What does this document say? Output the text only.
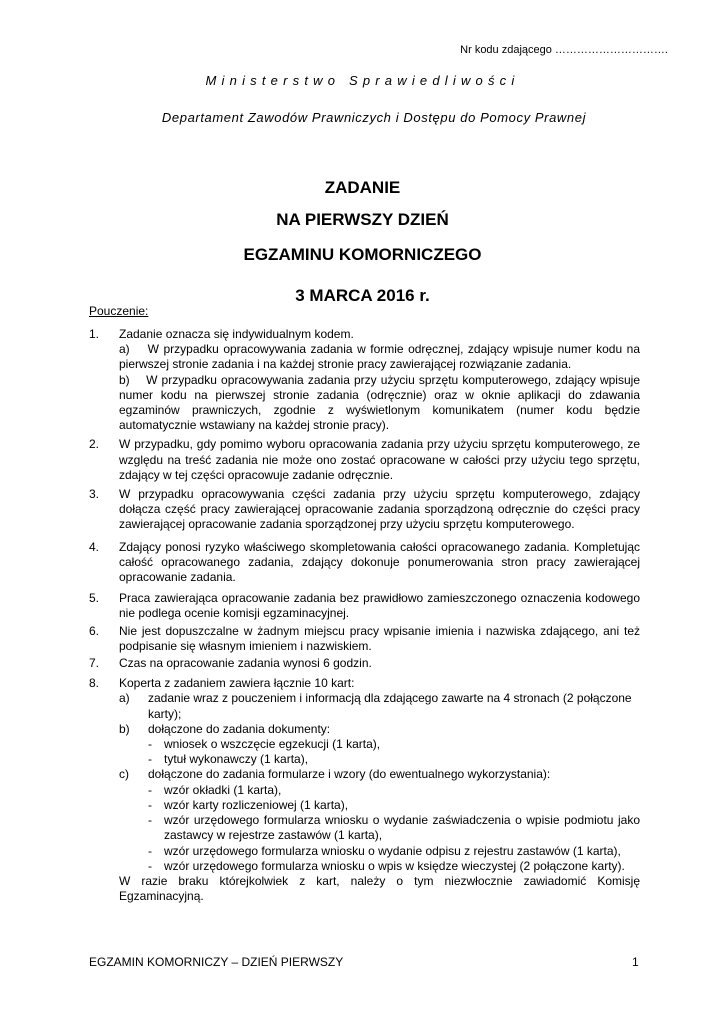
Nr kodu zdającego ………………………….
Ministerstwo Sprawiedliwości
Departament Zawodów Prawniczych i Dostępu do Pomocy Prawnej
ZADANIE
NA PIERWSZY DZIEŃ
EGZAMINU KOMORNICZEGO
3 MARCA 2016 r.
Pouczenie:
1. Zadanie oznacza się indywidualnym kodem.
a)    W przypadku opracowywania zadania w formie odręcznej, zdający wpisuje numer kodu na pierwszej stronie zadania i na każdej stronie pracy zawierającej rozwiązanie zadania.
b)    W przypadku opracowywania zadania przy użyciu sprzętu komputerowego, zdający wpisuje numer kodu na pierwszej stronie zadania (odręcznie) oraz w oknie aplikacji do zdawania egzaminów prawniczych, zgodnie z wyświetlonym komunikatem (numer kodu będzie automatycznie wstawiany na każdej stronie pracy).
2. W przypadku, gdy pomimo wyboru opracowania zadania przy użyciu sprzętu komputerowego, ze względu na treść zadania nie może ono zostać opracowane w całości przy użyciu tego sprzętu, zdający w tej części opracowuje zadanie odręcznie.
3. W przypadku opracowywania części zadania przy użyciu sprzętu komputerowego, zdający dołącza część pracy zawierającej opracowanie zadania sporządzoną odręcznie do części pracy zawierającej opracowanie zadania sporządzonej przy użyciu sprzętu komputerowego.
4. Zdający ponosi ryzyko właściwego skompletowania całości opracowanego zadania. Kompletując całość opracowanego zadania, zdający dokonuje ponumerowania stron pracy zawierającej opracowanie zadania.
5. Praca zawierająca opracowanie zadania bez prawidłowo zamieszczonego oznaczenia kodowego nie podlega ocenie komisji egzaminacyjnej.
6. Nie jest dopuszczalne w żadnym miejscu pracy wpisanie imienia i nazwiska zdającego, ani też podpisanie się własnym imieniem i nazwiskiem.
7. Czas na opracowanie zadania wynosi 6 godzin.
8. Koperta z zadaniem zawiera łącznie 10 kart:
a) zadanie wraz z pouczeniem i informacją dla zdającego zawarte na 4 stronach (2 połączone karty);
b) dołączone do zadania dokumenty:
- wniosek o wszczęcie egzekucji (1 karta),
- tytuł wykonawczy (1 karta),
c) dołączone do zadania formularze i wzory (do ewentualnego wykorzystania):
- wzór okładki (1 karta),
- wzór karty rozliczeniowej (1 karta),
- wzór urzędowego formularza wniosku o wydanie zaświadczenia o wpisie podmiotu jako zastawcy w rejestrze zastawów (1 karta),
- wzór urzędowego formularza wniosku o wydanie odpisu z rejestru zastawów (1 karta),
- wzór urzędowego formularza wniosku o wpis w księdze wieczystej (2 połączone karty).
W razie braku którejkolwiek z kart, należy o tym niezwłocznie zawiadomić Komisję Egzaminacyjną.
EGZAMIN KOMORNICZY – DZIEŃ PIERWSZY	1
